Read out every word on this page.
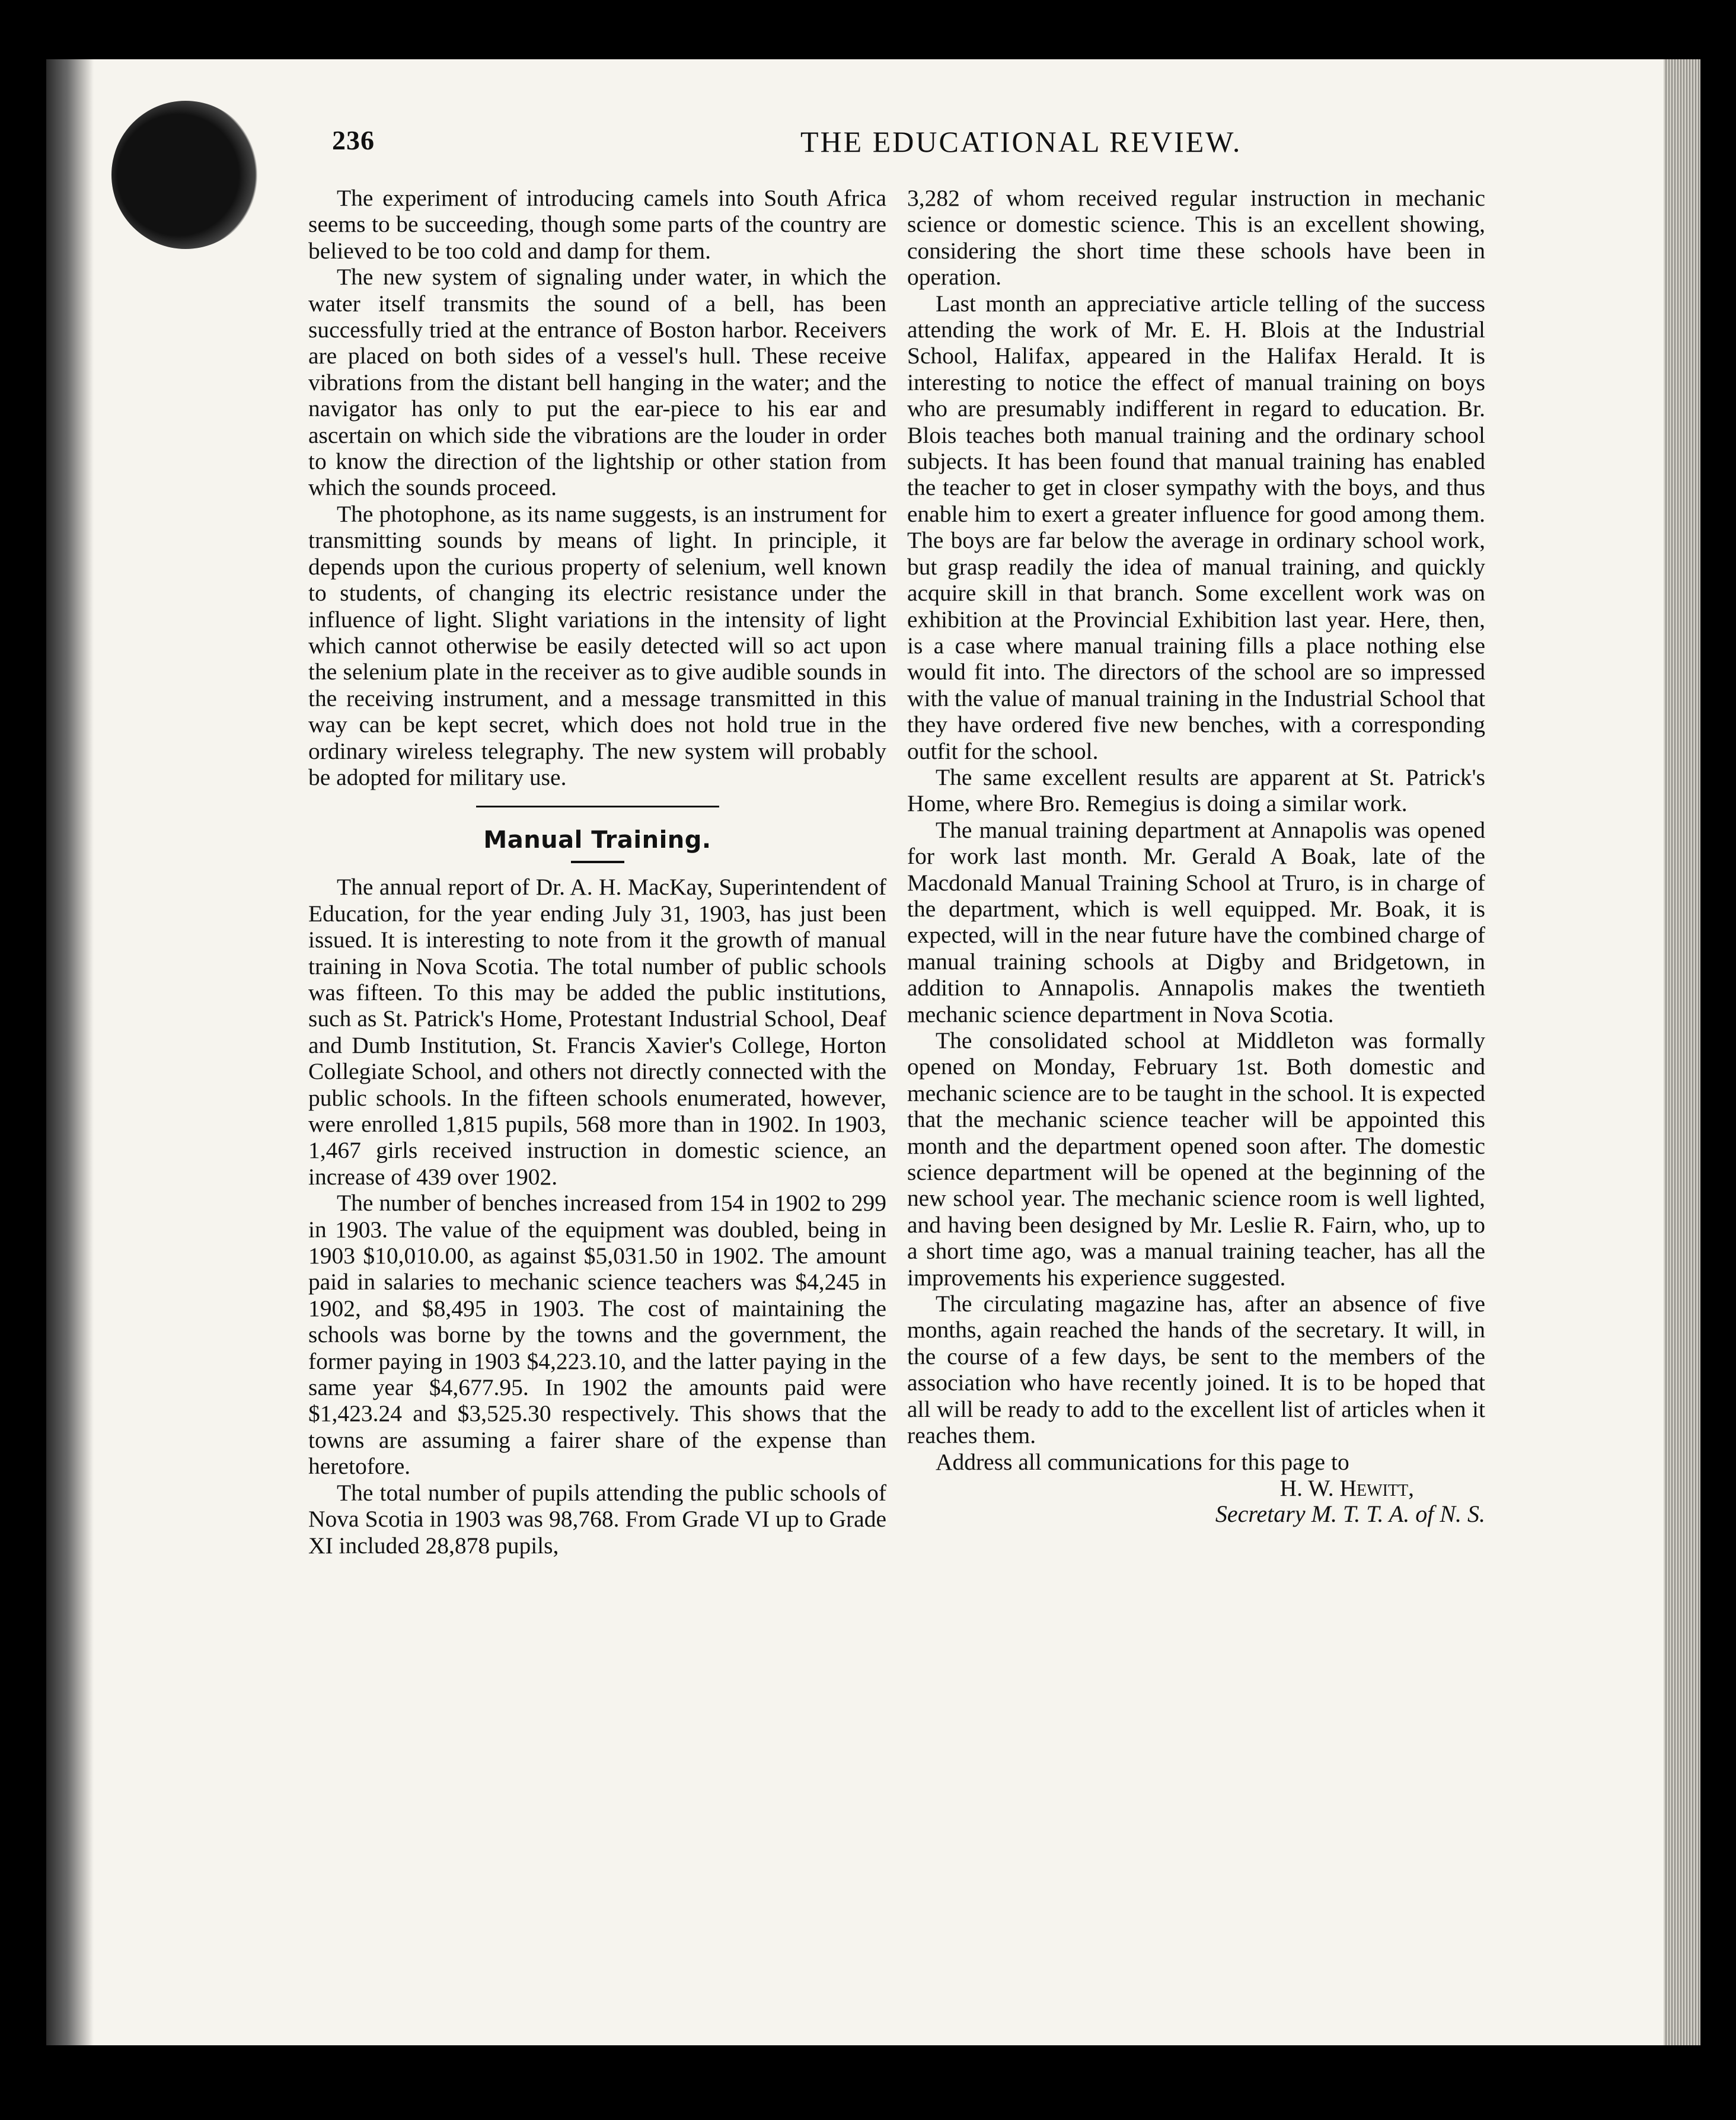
236	THE EDUCATIONAL REVIEW.

The experiment of introducing camels into South Africa seems to be succeeding, though some parts of the country are believed to be too cold and damp for them.

The new system of signaling under water, in which the water itself transmits the sound of a bell, has been successfully tried at the entrance of Boston harbor. Receivers are placed on both sides of a vessel's hull. These receive vibrations from the distant bell hanging in the water; and the navigator has only to put the ear-piece to his ear and ascertain on which side the vibrations are the louder in order to know the direction of the lightship or other station from which the sounds proceed.

The photophone, as its name suggests, is an instrument for transmitting sounds by means of light. In principle, it depends upon the curious property of selenium, well known to students, of changing its electric resistance under the influence of light. Slight variations in the intensity of light which cannot otherwise be easily detected will so act upon the selenium plate in the receiver as to give audible sounds in the receiving instrument, and a message transmitted in this way can be kept secret, which does not hold true in the ordinary wireless telegraphy. The new system will probably be adopted for military use.

Manual Training.

The annual report of Dr. A. H. MacKay, Superintendent of Education, for the year ending July 31, 1903, has just been issued. It is interesting to note from it the growth of manual training in Nova Scotia. The total number of public schools was fifteen. To this may be added the public institutions, such as St. Patrick's Home, Protestant Industrial School, Deaf and Dumb Institution, St. Francis Xavier's College, Horton Collegiate School, and others not directly connected with the public schools. In the fifteen schools enumerated, however, were enrolled 1,815 pupils, 568 more than in 1902. In 1903, 1,467 girls received instruction in domestic science, an increase of 439 over 1902.

The number of benches increased from 154 in 1902 to 299 in 1903. The value of the equipment was doubled, being in 1903 $10,010.00, as against $5,031.50 in 1902. The amount paid in salaries to mechanic science teachers was $4,245 in 1902, and $8,495 in 1903. The cost of maintaining the schools was borne by the towns and the government, the former paying in 1903 $4,223.10, and the latter paying in the same year $4,677.95. In 1902 the amounts paid were $1,423.24 and $3,525.30 respectively. This shows that the towns are assuming a fairer share of the expense than heretofore.

The total number of pupils attending the public schools of Nova Scotia in 1903 was 98,768. From Grade VI up to Grade XI included 28,878 pupils,

3,282 of whom received regular instruction in mechanic science or domestic science. This is an excellent showing, considering the short time these schools have been in operation.

Last month an appreciative article telling of the success attending the work of Mr. E. H. Blois at the Industrial School, Halifax, appeared in the Halifax Herald. It is interesting to notice the effect of manual training on boys who are presumably indifferent in regard to education. Br. Blois teaches both manual training and the ordinary school subjects. It has been found that manual training has enabled the teacher to get in closer sympathy with the boys, and thus enable him to exert a greater influence for good among them. The boys are far below the average in ordinary school work, but grasp readily the idea of manual training, and quickly acquire skill in that branch. Some excellent work was on exhibition at the Provincial Exhibition last year. Here, then, is a case where manual training fills a place nothing else would fit into. The directors of the school are so impressed with the value of manual training in the Industrial School that they have ordered five new benches, with a corresponding outfit for the school.

The same excellent results are apparent at St. Patrick's Home, where Bro. Remegius is doing a similar work.

The manual training department at Annapolis was opened for work last month. Mr. Gerald A Boak, late of the Macdonald Manual Training School at Truro, is in charge of the department, which is well equipped. Mr. Boak, it is expected, will in the near future have the combined charge of manual training schools at Digby and Bridgetown, in addition to Annapolis. Annapolis makes the twentieth mechanic science department in Nova Scotia.

The consolidated school at Middleton was formally opened on Monday, February 1st. Both domestic and mechanic science are to be taught in the school. It is expected that the mechanic science teacher will be appointed this month and the department opened soon after. The domestic science department will be opened at the beginning of the new school year. The mechanic science room is well lighted, and having been designed by Mr. Leslie R. Fairn, who, up to a short time ago, was a manual training teacher, has all the improvements his experience suggested.

The circulating magazine has, after an absence of five months, again reached the hands of the secretary. It will, in the course of a few days, be sent to the members of the association who have recently joined. It is to be hoped that all will be ready to add to the excellent list of articles when it reaches them.

Address all communications for this page to

H. W. Hewitt,

Secretary M. T. T. A. of N. S.
